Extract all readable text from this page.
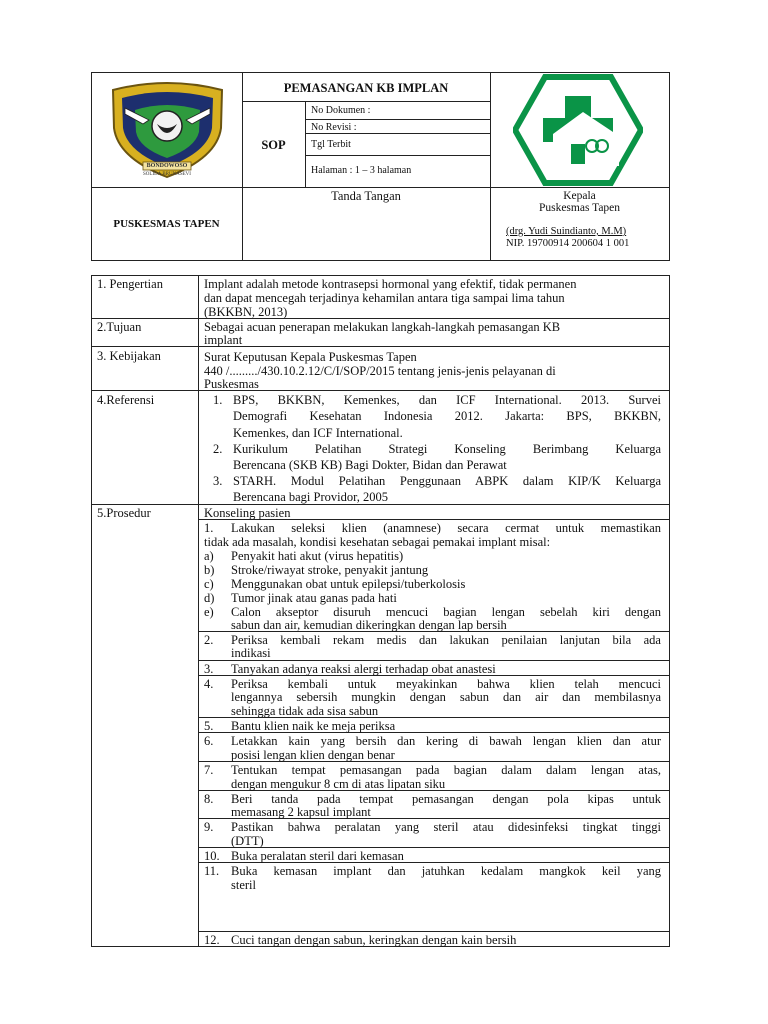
BONDOWOSO
SOLIDA BRUNASEVI
PEMASANGAN KB IMPLAN
SOP
No Dokumen :
No Revisi :
Tgl Terbit
Halaman : 1 – 3 halaman
PUSKESMAS TAPEN
Tanda Tangan	Kepala
Puskesmas Tapen
(drg. Yudi Suindianto, M.M)
NIP. 19700914 200604 1 001
1. Pengertian	Implant adalah metode kontrasepsi hormonal yang efektif, tidak permanen
dan dapat mencegah terjadinya kehamilan antara tiga sampai lima tahun
(BKKBN, 2013)
2.Tujuan	Sebagai acuan penerapan melakukan langkah-langkah pemasangan KB
implant
3. Kebijakan	Surat Keputusan Kepala Puskesmas Tapen
440 /........./430.10.2.12/C/I/SOP/2015 tentang jenis-jenis pelayanan di
Puskesmas
4.Referensi	1. BPS, BKKBN, Kemenkes, dan ICF International. 2013. Survei
Demografi Kesehatan Indonesia 2012. Jakarta: BPS, BKKBN,
Kemenkes, dan ICF International.
2. Kurikulum Pelatihan Strategi Konseling Berimbang Keluarga
Berencana (SKB KB) Bagi Dokter, Bidan dan Perawat
3. STARH. Modul Pelatihan Penggunaan ABPK dalam KIP/K Keluarga
Berencana bagi Providor, 2005
5.Prosedur	Konseling pasien
1. Lakukan seleksi klien (anamnese) secara cermat untuk memastikan
tidak ada masalah, kondisi kesehatan sebagai pemakai implant misal:
a) Penyakit hati akut (virus hepatitis)
b) Stroke/riwayat stroke, penyakit jantung
c) Menggunakan obat untuk epilepsi/tuberkolosis
d) Tumor jinak atau ganas pada hati
e) Calon akseptor disuruh mencuci bagian lengan sebelah kiri dengan
sabun dan air, kemudian dikeringkan dengan lap bersih
2. Periksa kembali rekam medis dan lakukan penilaian lanjutan bila ada
indikasi
3. Tanyakan adanya reaksi alergi terhadap obat anastesi
4. Periksa kembali untuk meyakinkan bahwa klien telah mencuci
lengannya sebersih mungkin dengan sabun dan air dan membilasnya
sehingga tidak ada sisa sabun
5. Bantu klien naik ke meja periksa
6. Letakkan kain yang bersih dan kering di bawah lengan klien dan atur
posisi lengan klien dengan benar
7. Tentukan tempat pemasangan pada bagian dalam dalam lengan atas,
dengan mengukur 8 cm di atas lipatan siku
8. Beri tanda pada tempat pemasangan dengan pola kipas untuk
memasang 2 kapsul implant
9. Pastikan bahwa peralatan yang steril atau didesinfeksi tingkat tinggi
(DTT)
10. Buka peralatan steril dari kemasan
11. Buka kemasan implant dan jatuhkan kedalam mangkok keil yang
steril
12. Cuci tangan dengan sabun, keringkan dengan kain bersih
